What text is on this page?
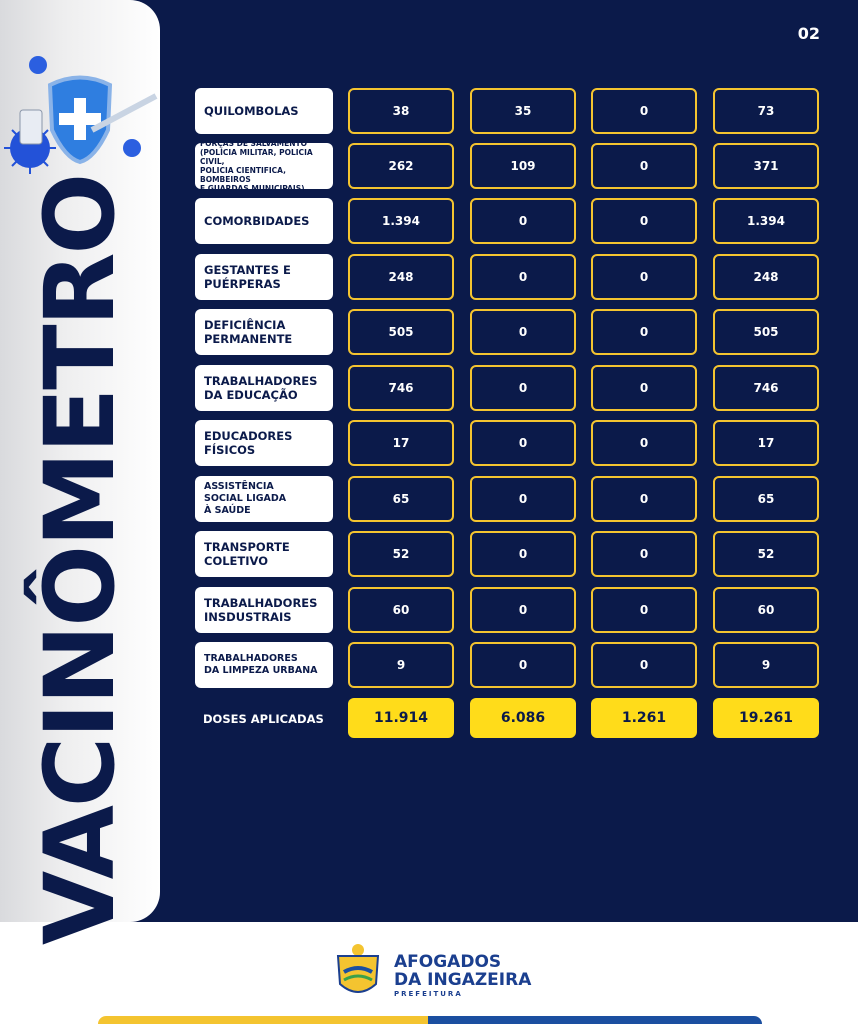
VACINÔMETRO
02
QUILOMBOLAS	38	35	0	73
FORÇAS DE SALVAMENTO
(POLÍCIA MILITAR, POLICIA CIVIL,
POLICIA CIENTIFICA, BOMBEIROS
E GUARDAS MUNICIPAIS)
262	109	0	371
COMORBIDADES	1.394	0	0	1.394
GESTANTES E
PUÉRPERAS	248	0	0	248
DEFICIÊNCIA
PERMANENTE	505	0	0	505
TRABALHADORES
DA EDUCAÇÃO	746	0	0	746
EDUCADORES
FÍSICOS	17	0	0	17
ASSISTÊNCIA
SOCIAL LIGADA
À SAÚDE
65	0	0	65
TRANSPORTE
COLETIVO	52	0	0	52
TRABALHADORES
INSDUSTRAIS	60	0	0	60
TRABALHADORES
DA LIMPEZA URBANA	9	0	0	9
DOSES APLICADAS	11.914	6.086	1.261	19.261
AFOGADOS
DA INGAZEIRA
PREFEITURA
